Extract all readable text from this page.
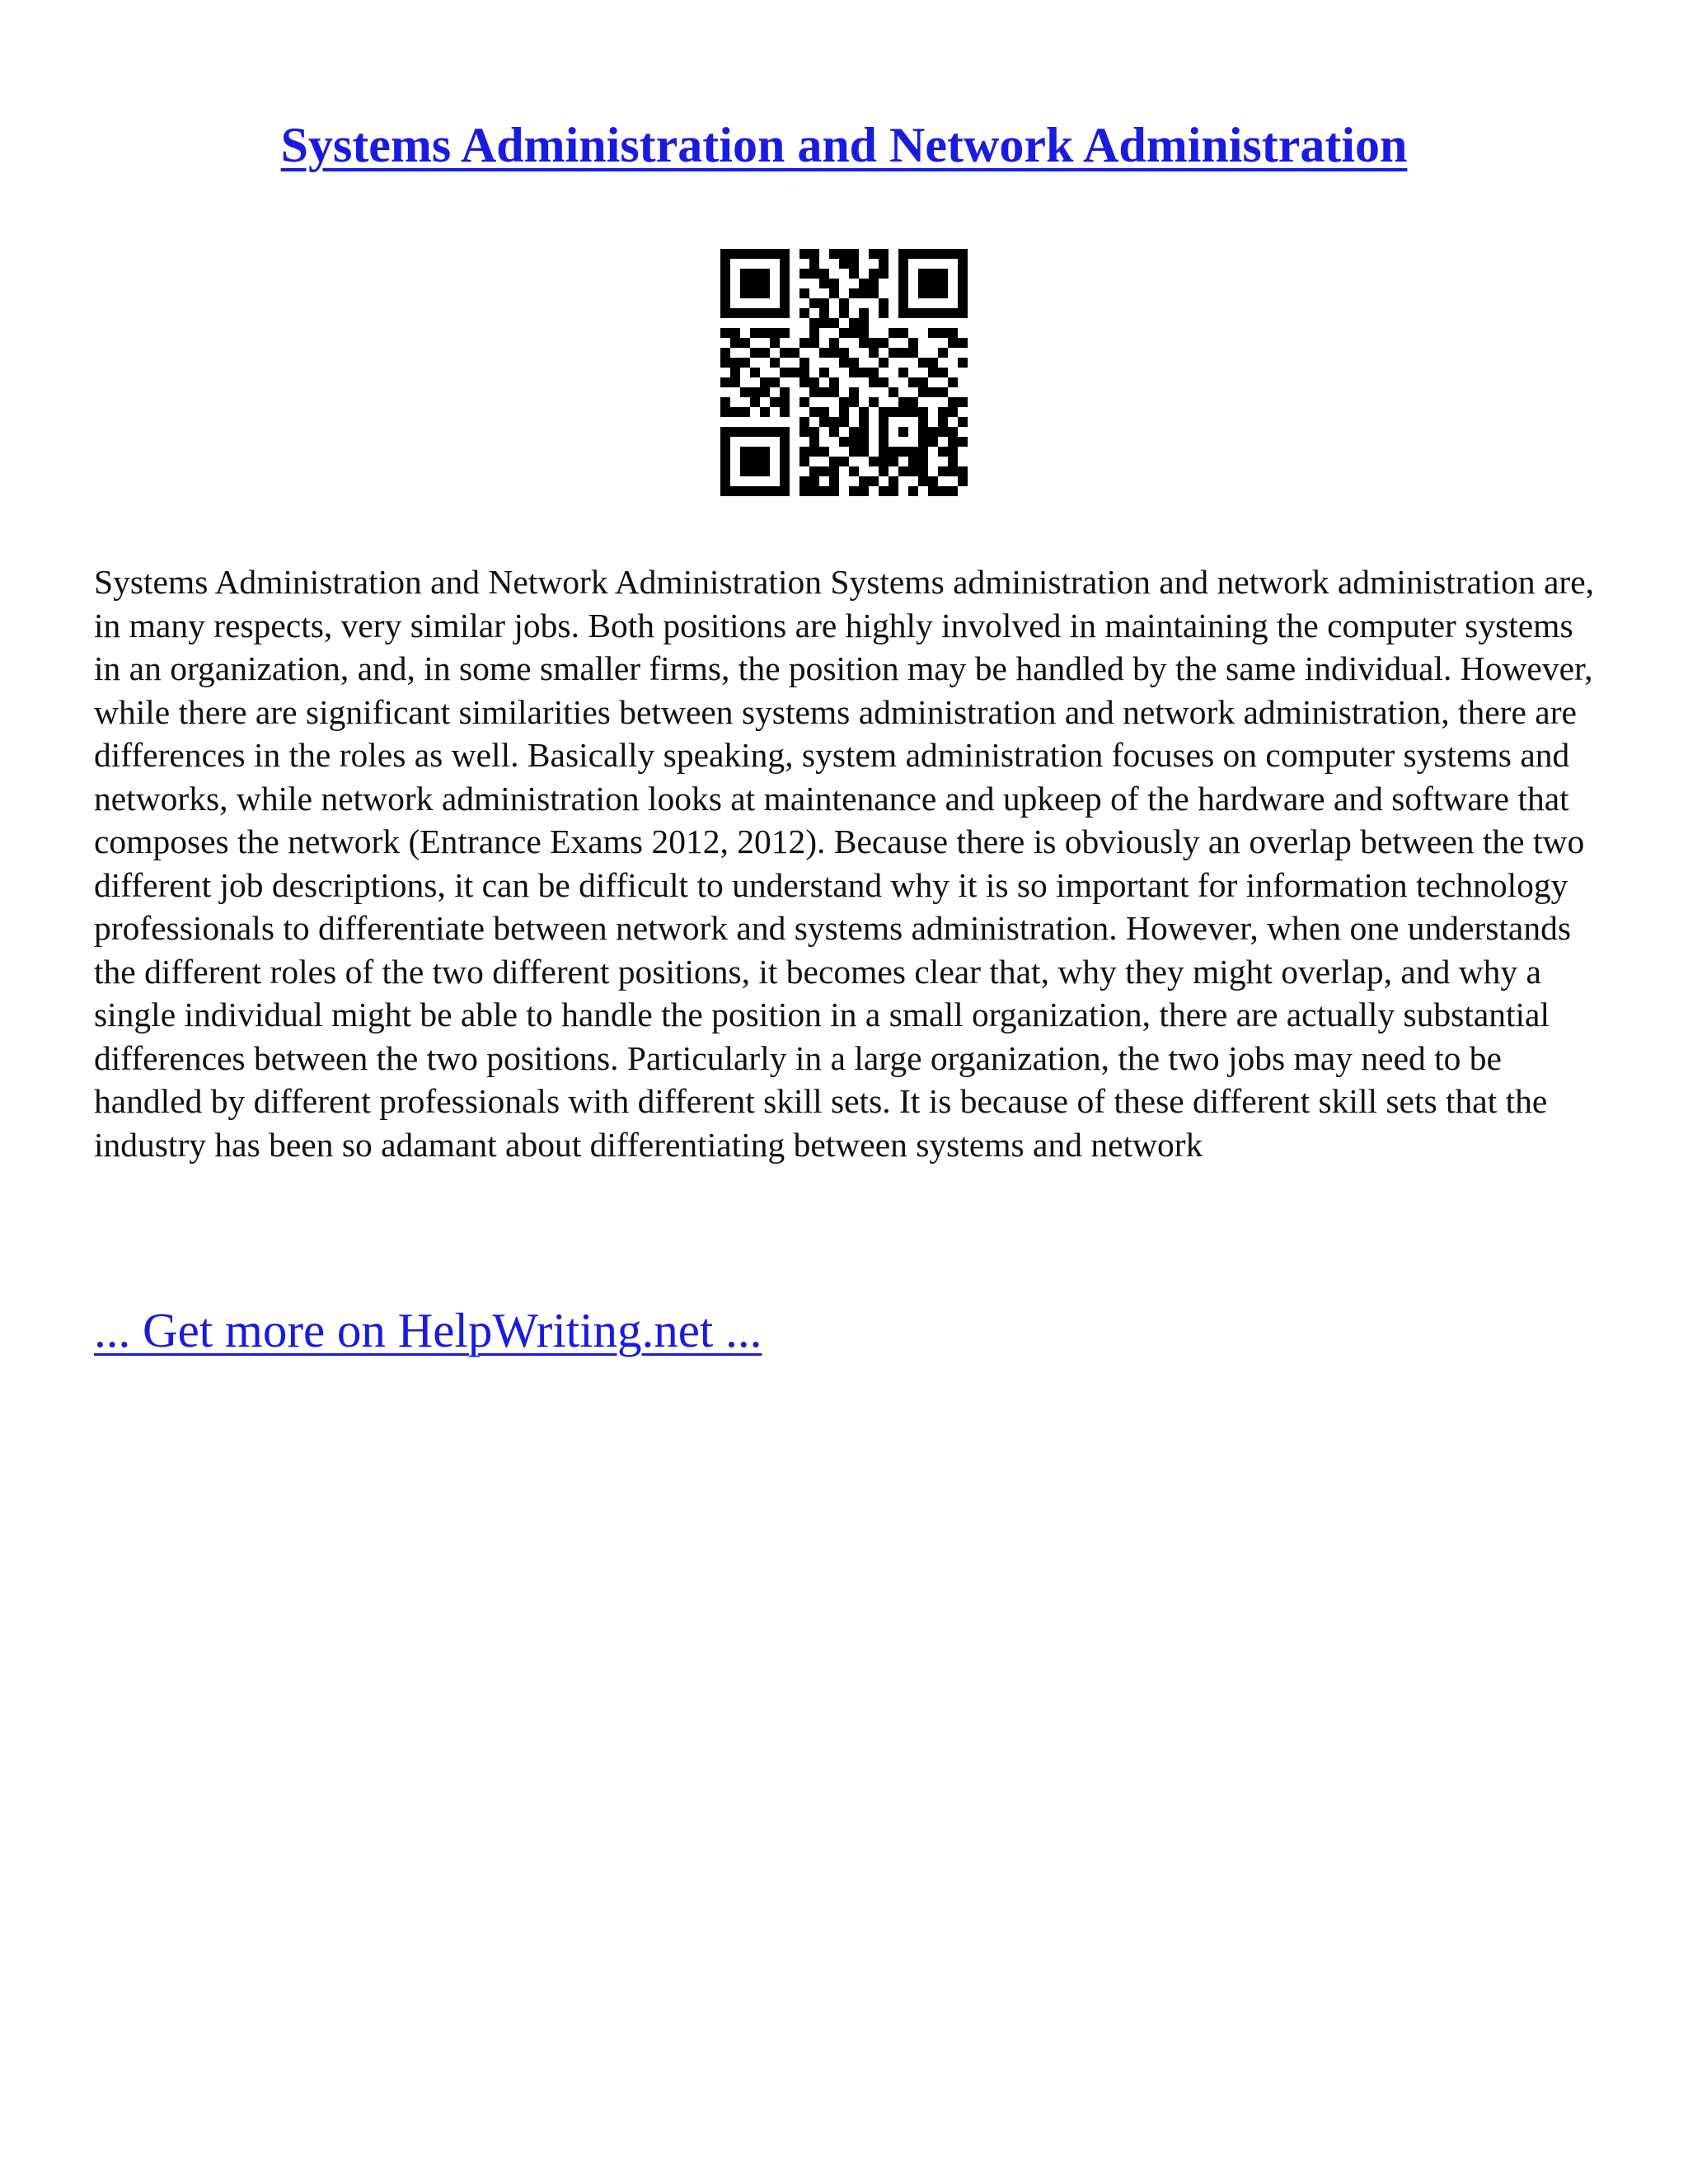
Systems Administration and Network Administration

Systems Administration and Network Administration Systems administration and network administration are, in many respects, very similar jobs. Both positions are highly involved in maintaining the computer systems in an organization, and, in some smaller firms, the position may be handled by the same individual. However, while there are significant similarities between systems administration and network administration, there are differences in the roles as well. Basically speaking, system administration focuses on computer systems and networks, while network administration looks at maintenance and upkeep of the hardware and software that composes the network (Entrance Exams 2012, 2012). Because there is obviously an overlap between the two different job descriptions, it can be difficult to understand why it is so important for information technology professionals to differentiate between network and systems administration. However, when one understands the different roles of the two different positions, it becomes clear that, why they might overlap, and why a single individual might be able to handle the position in a small organization, there are actually substantial differences between the two positions. Particularly in a large organization, the two jobs may need to be handled by different professionals with different skill sets. It is because of these different skill sets that the industry has been so adamant about differentiating between systems and network

... Get more on HelpWriting.net ...
